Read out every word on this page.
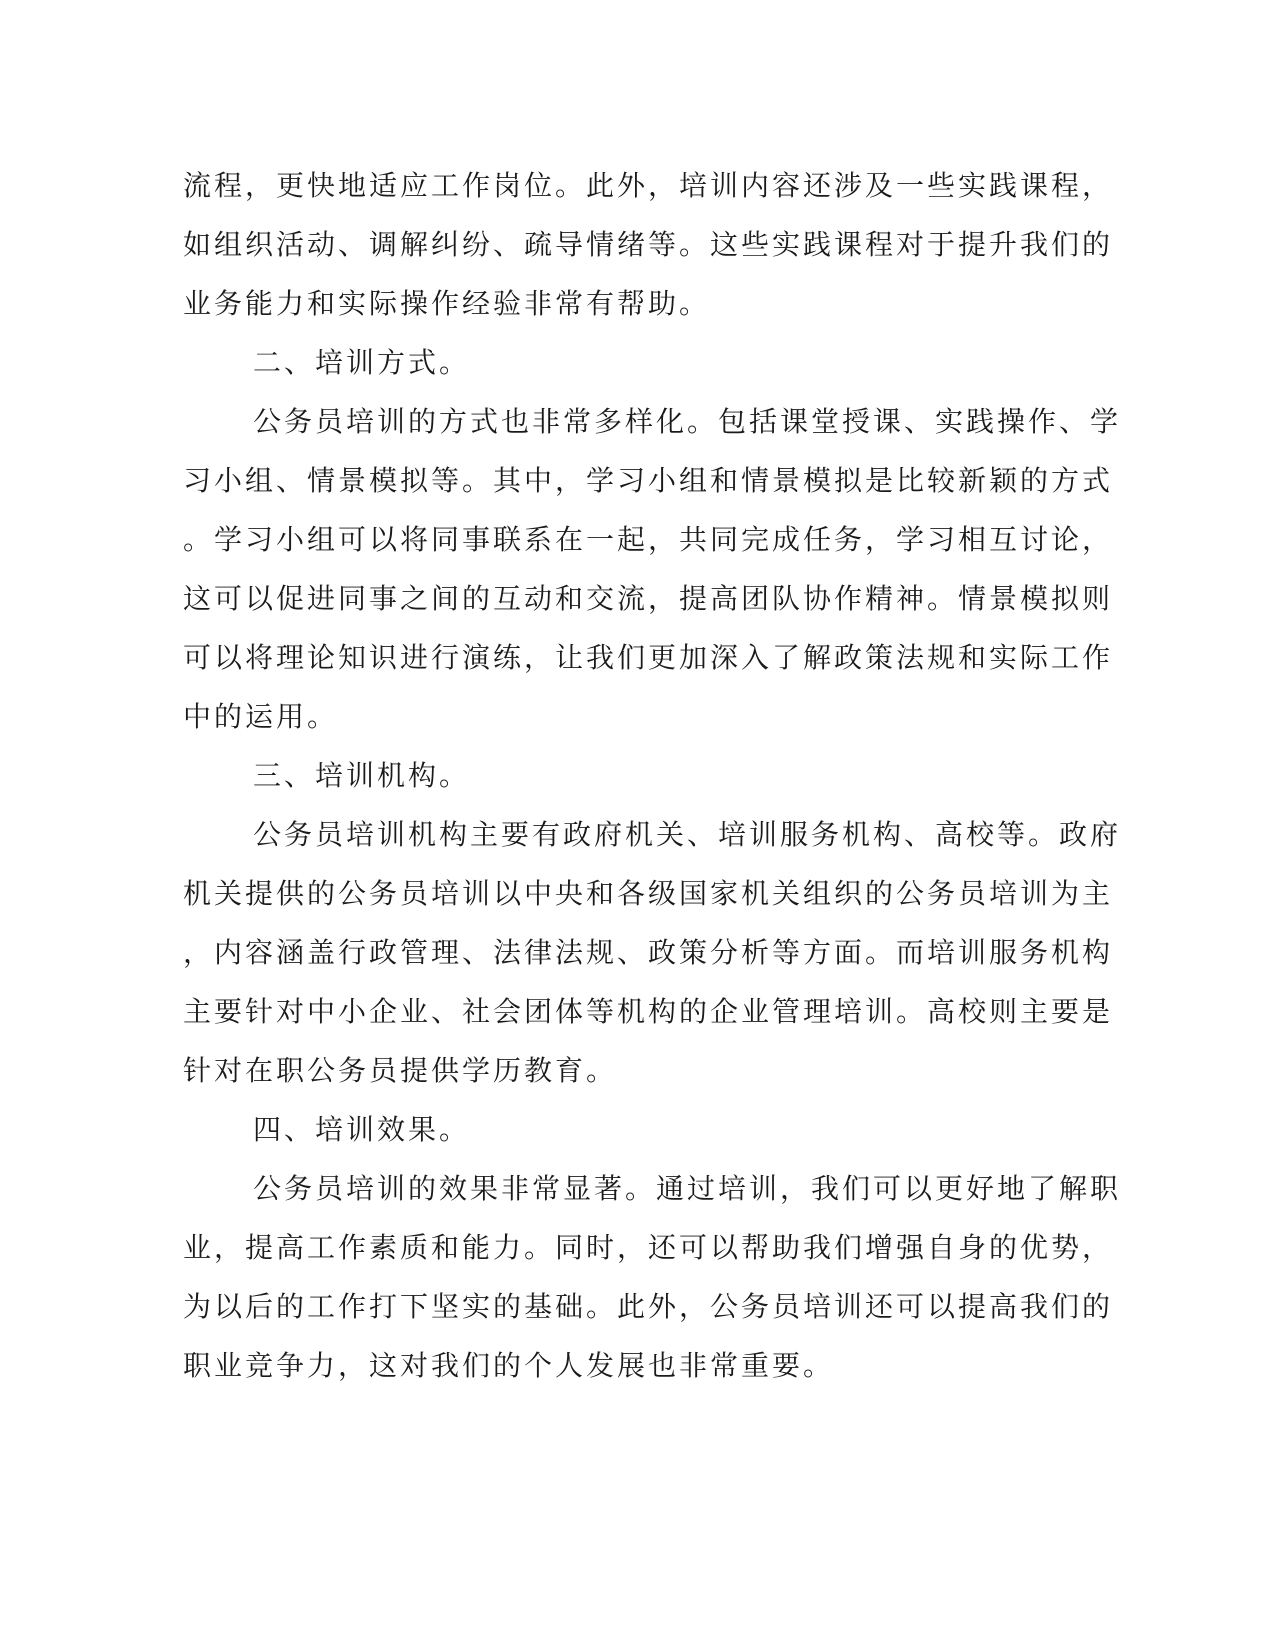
流程，更快地适应工作岗位。此外，培训内容还涉及一些实践课程，
如组织活动、调解纠纷、疏导情绪等。这些实践课程对于提升我们的
业务能力和实际操作经验非常有帮助。
二、培训方式。
公务员培训的方式也非常多样化。包括课堂授课、实践操作、学
习小组、情景模拟等。其中，学习小组和情景模拟是比较新颖的方式
。学习小组可以将同事联系在一起，共同完成任务，学习相互讨论，
这可以促进同事之间的互动和交流，提高团队协作精神。情景模拟则
可以将理论知识进行演练，让我们更加深入了解政策法规和实际工作
中的运用。
三、培训机构。
公务员培训机构主要有政府机关、培训服务机构、高校等。政府
机关提供的公务员培训以中央和各级国家机关组织的公务员培训为主
，内容涵盖行政管理、法律法规、政策分析等方面。而培训服务机构
主要针对中小企业、社会团体等机构的企业管理培训。高校则主要是
针对在职公务员提供学历教育。
四、培训效果。
公务员培训的效果非常显著。通过培训，我们可以更好地了解职
业，提高工作素质和能力。同时，还可以帮助我们增强自身的优势，
为以后的工作打下坚实的基础。此外，公务员培训还可以提高我们的
职业竞争力，这对我们的个人发展也非常重要。
